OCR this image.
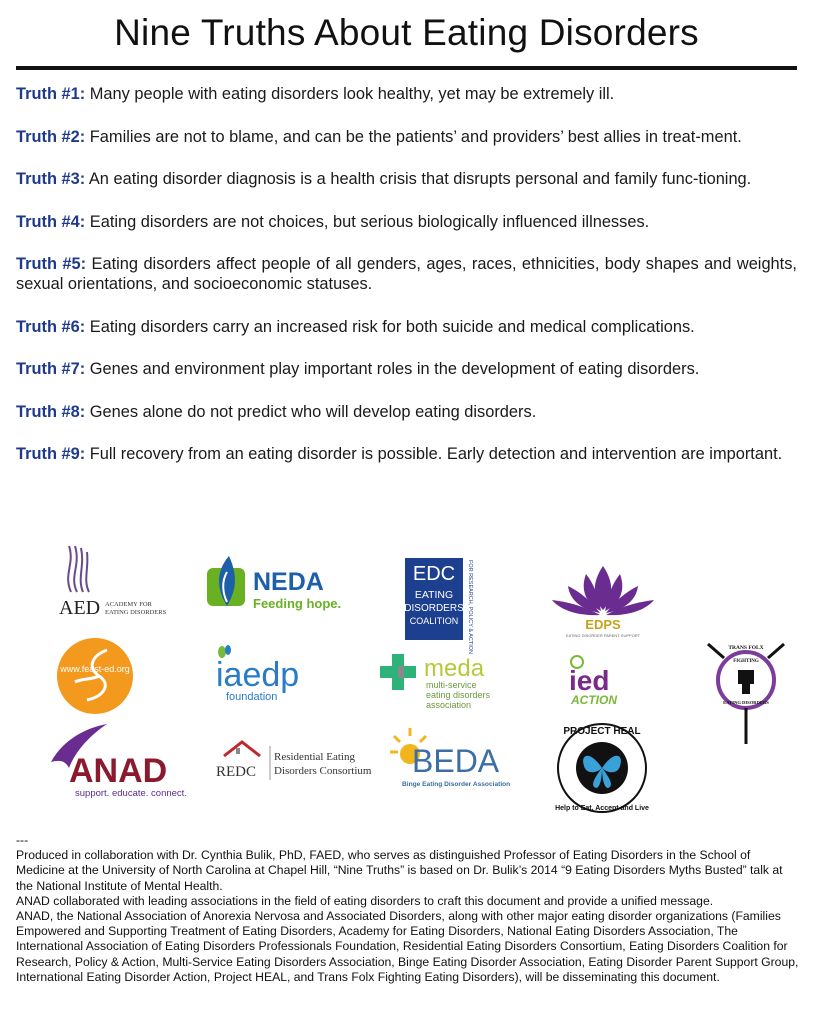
Nine Truths About Eating Disorders

Truth #1: Many people with eating disorders look healthy, yet may be extremely ill.

Truth #2: Families are not to blame, and can be the patients’ and providers’ best allies in treat-ment.

Truth #3: An eating disorder diagnosis is a health crisis that disrupts personal and family func-tioning.

Truth #4: Eating disorders are not choices, but serious biologically influenced illnesses.

Truth #5: Eating disorders affect people of all genders, ages, races, ethnicities, body shapes and weights, sexual orientations, and socioeconomic statuses.

Truth #6: Eating disorders carry an increased risk for both suicide and medical complications.

Truth #7: Genes and environment play important roles in the development of eating disorders.

Truth #8: Genes alone do not predict who will develop eating disorders.

Truth #9: Full recovery from an eating disorder is possible. Early detection and intervention are important.

AED ACADEMY FOR
EATING DISORDERS
NEDA
Feeding hope.
EDC
EATING
DISORDERS
COALITION FOR RESEARCH, POLICY & ACTION	EDPS
EATING DISORDER PARENT SUPPORT
www.feast-ed.org	iaedp
foundation
meda
multi-service
eating disorders
association
ied
ACTION
TRANS FOLX
FIGHTING
EATING DISORDERS
ANAD
support. educate. connect.
REDC
Residential Eating
Disorders Consortium BEDA
Binge Eating Disorder Association
PROJECT HEAL
Help to Eat, Accept and Live

---

Produced in collaboration with Dr. Cynthia Bulik, PhD, FAED, who serves as distinguished Professor of Eating Disorders in the School of Medicine at the University of North Carolina at Chapel Hill, “Nine Truths” is based on Dr. Bulik’s 2014 “9 Eating Disorders Myths Busted” talk at the National Institute of Mental Health.

ANAD collaborated with leading associations in the field of eating disorders to craft this document and provide a unified message.

ANAD, the National Association of Anorexia Nervosa and Associated Disorders, along with other major eating disorder organizations (Families Empowered and Supporting Treatment of Eating Disorders, Academy for Eating Disorders, National Eating Disorders Association, The International Association of Eating Disorders Professionals Foundation, Residential Eating Disorders Consortium, Eating Disorders Coalition for Research, Policy & Action, Multi-Service Eating Disorders Association, Binge Eating Disorder Association, Eating Disorder Parent Support Group, International Eating Disorder Action, Project HEAL, and Trans Folx Fighting Eating Disorders), will be disseminating this document.
